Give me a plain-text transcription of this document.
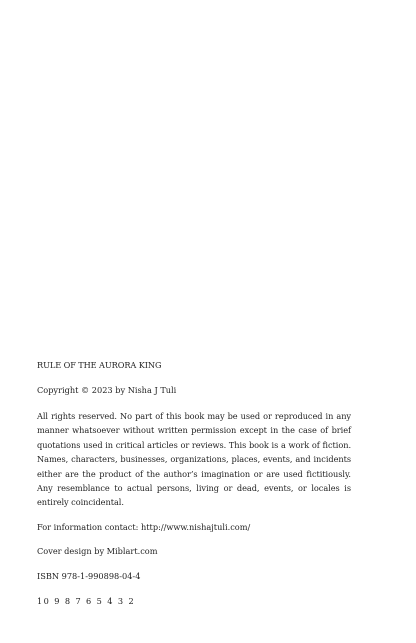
RULE OF THE AURORA KING
Copyright © 2023 by Nisha J Tuli
All rights reserved. No part of this book may be used or reproduced in any manner whatsoever without written permission except in the case of brief quotations used in critical articles or reviews. This book is a work of fiction. Names, characters, businesses, organizations, places, events, and incidents either are the product of the author’s imagination or are used fictitiously. Any resemblance to actual persons, living or dead, events, or locales is entirely coincidental.
For information contact: http://www.nishajtuli.com/
Cover design by Miblart.com
ISBN 978-1-990898-04-4
10 9 8 7 6 5 4 3 2
